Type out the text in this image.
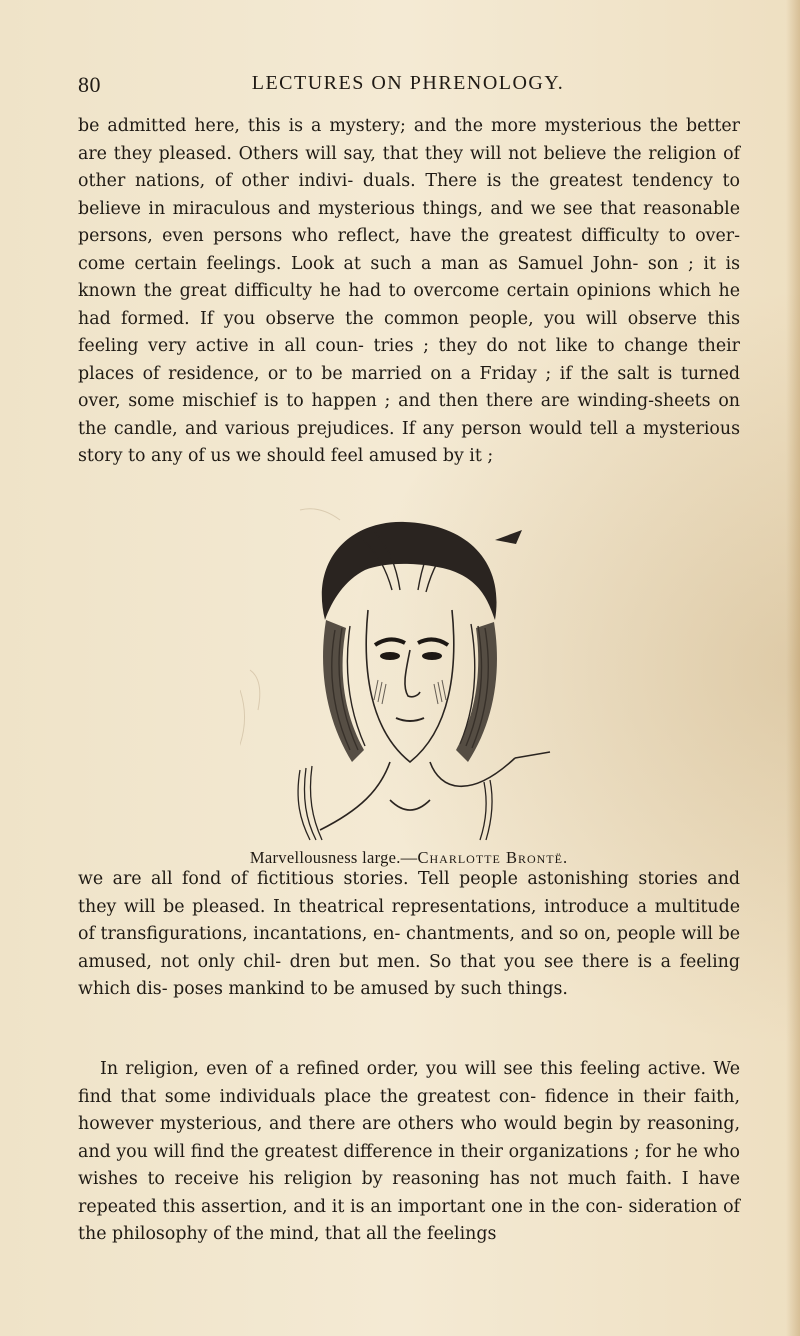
80	LECTURES ON PHRENOLOGY.

be admitted here, this is a mystery; and the more mysterious the better are they pleased. Others will say, that they will not believe the religion of other nations, of other indivi- duals. There is the greatest tendency to believe in miraculous and mysterious things, and we see that reasonable persons, even persons who reflect, have the greatest difficulty to over- come certain feelings. Look at such a man as Samuel John- son ; it is known the great difficulty he had to overcome certain opinions which he had formed. If you observe the common people, you will observe this feeling very active in all coun- tries ; they do not like to change their places of residence, or to be married on a Friday ; if the salt is turned over, some mischief is to happen ; and then there are winding-sheets on the candle, and various prejudices. If any person would tell a mysterious story to any of us we should feel amused by it ;

Marvellousness large.—Charlotte Brontë.

we are all fond of fictitious stories. Tell people astonishing stories and they will be pleased. In theatrical representations, introduce a multitude of transfigurations, incantations, en- chantments, and so on, people will be amused, not only chil- dren but men. So that you see there is a feeling which dis- poses mankind to be amused by such things.

In religion, even of a refined order, you will see this feeling active. We find that some individuals place the greatest con- fidence in their faith, however mysterious, and there are others who would begin by reasoning, and you will find the greatest difference in their organizations ; for he who wishes to receive his religion by reasoning has not much faith. I have repeated this assertion, and it is an important one in the con- sideration of the philosophy of the mind, that all the feelings
